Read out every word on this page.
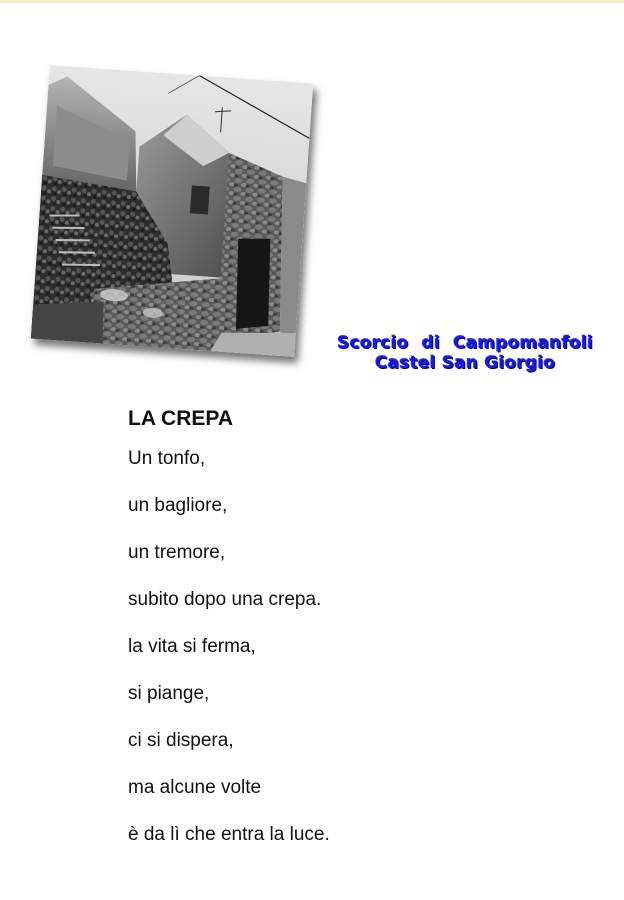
Scorcio di Campomanfoli
Castel San Giorgio
LA CREPA
Un tonfo,
un bagliore,
un tremore,
subito dopo una crepa.
la vita si ferma,
si piange,
ci si dispera,
ma alcune volte
è da lì che entra la luce.
